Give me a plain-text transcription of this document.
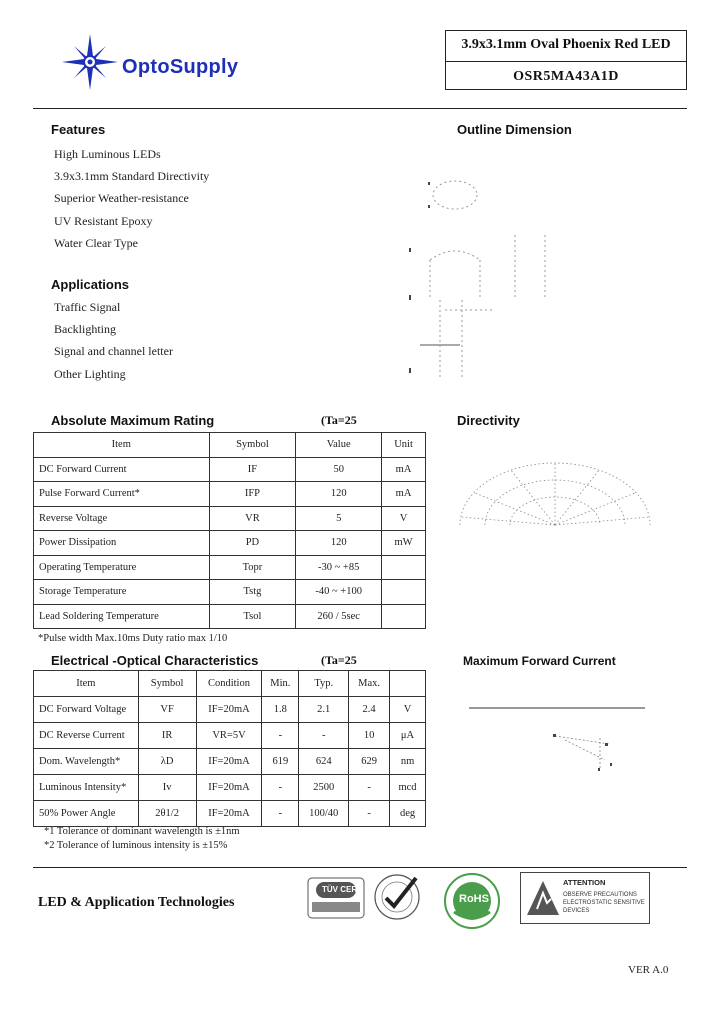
OptoSupply
3.9x3.1mm Oval Phoenix Red LED
OSR5MA43A1D
Features
High Luminous LEDs
3.9x3.1mm Standard Directivity
Superior Weather-resistance
UV Resistant Epoxy
Water Clear Type
Applications
Traffic Signal
Backlighting
Signal and channel letter
Other Lighting
Outline Dimension
Absolute Maximum Rating	(Ta=25
Item	Symbol	Value	Unit
DC Forward Current	IF	50	mA
Pulse Forward Current*	IFP	120	mA
Reverse Voltage	VR	5	V
Power Dissipation	PD	120	mW
Operating Temperature	Topr	-30 ~ +85	
Storage Temperature	Tstg	-40 ~ +100	
Lead Soldering Temperature	Tsol	260 / 5sec	
*Pulse width Max.10ms Duty ratio max 1/10
Directivity
Electrical -Optical Characteristics	(Ta=25
Item	Symbol	Condition	Min.	Typ.	Max.	
DC Forward Voltage	VF	IF=20mA	1.8	2.1	2.4	V
DC Reverse Current	IR	VR=5V	-	-	10	μA
Dom. Wavelength*	λD	IF=20mA	619	624	629	nm
Luminous Intensity*	Iv	IF=20mA	-	2500	-	mcd
50% Power Angle	2θ1/2	IF=20mA	-	100/40	-	deg
*1 Tolerance of dominant wavelength is ±1nm
*2 Tolerance of luminous intensity is ±15%
Maximum Forward Current
LED & Application Technologies
TÜV CERT
RoHS
ATTENTION
OBSERVE PRECAUTIONS ELECTROSTATIC SENSITIVE DEVICES
VER A.0
